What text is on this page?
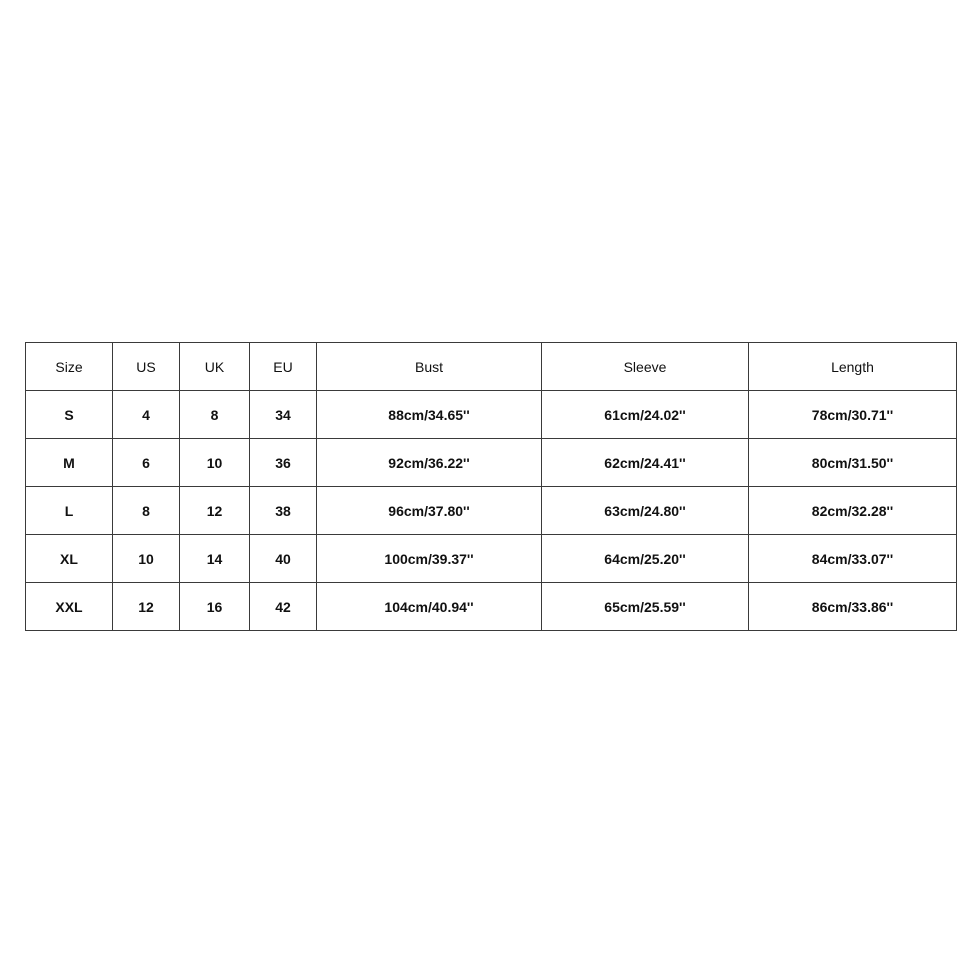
Size	US	UK	EU	Bust	Sleeve	Length
S	4	8	34	88cm/34.65''	61cm/24.02''	78cm/30.71''
M	6	10	36	92cm/36.22''	62cm/24.41''	80cm/31.50''
L	8	12	38	96cm/37.80''	63cm/24.80''	82cm/32.28''
XL	10	14	40	100cm/39.37''	64cm/25.20''	84cm/33.07''
XXL	12	16	42	104cm/40.94''	65cm/25.59''	86cm/33.86''
